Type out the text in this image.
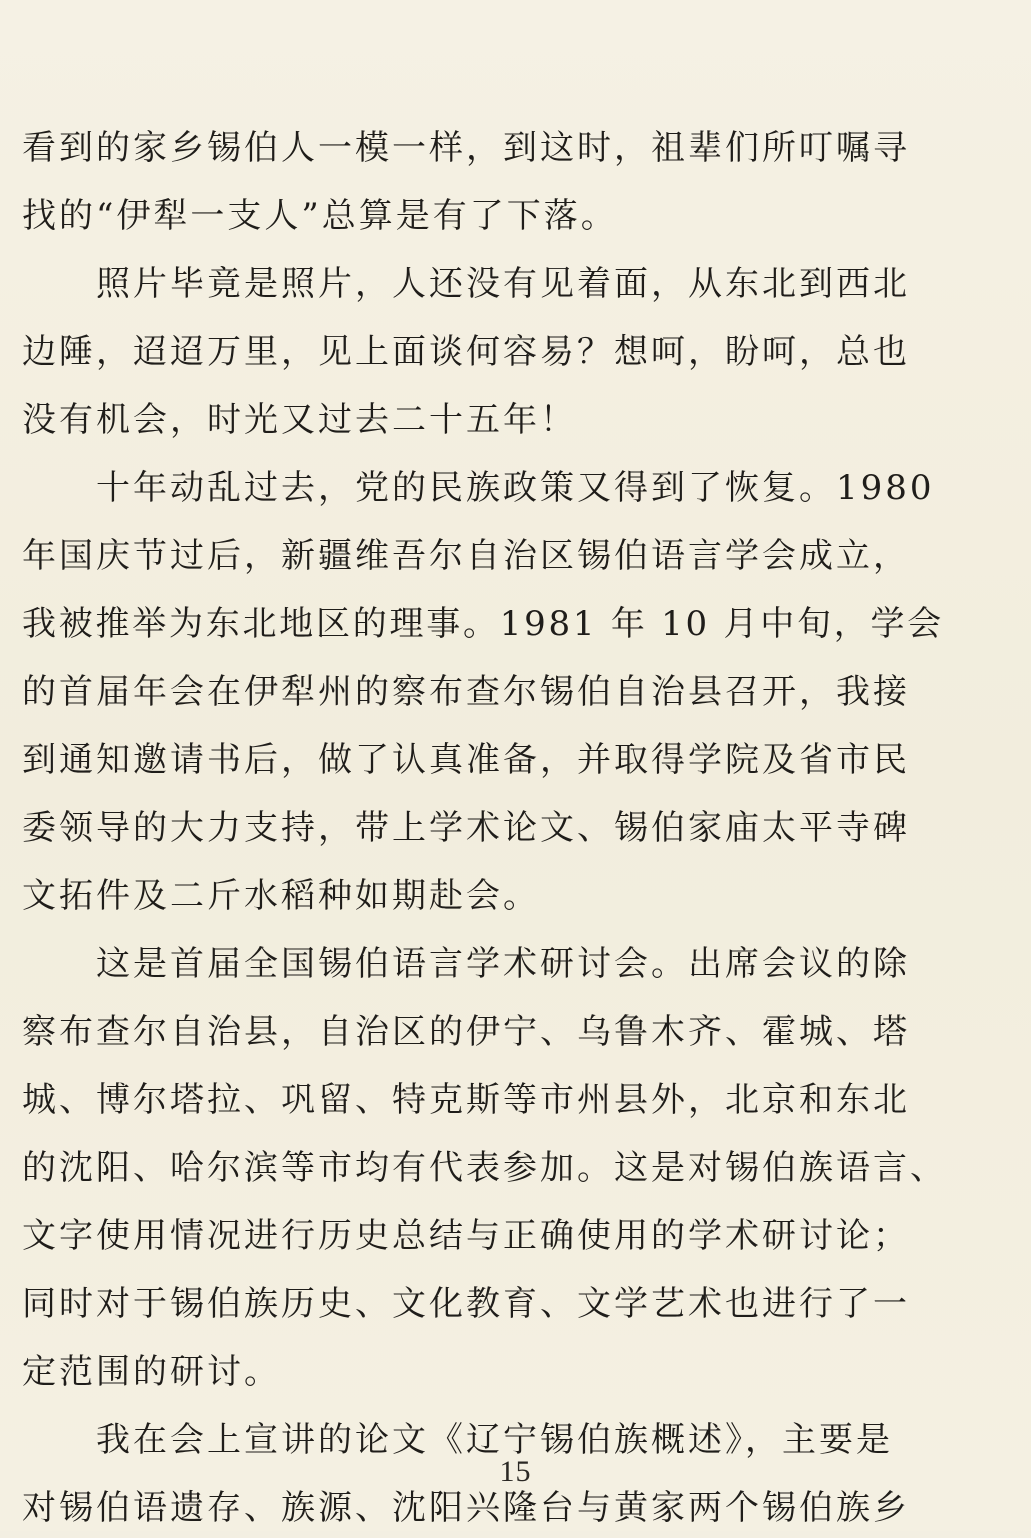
看到的家乡锡伯人一模一样，到这时，祖辈们所叮嘱寻
找的“伊犁一支人”总算是有了下落。
照片毕竟是照片，人还没有见着面，从东北到西北
边陲，迢迢万里，见上面谈何容易？想呵，盼呵，总也
没有机会，时光又过去二十五年！
十年动乱过去，党的民族政策又得到了恢复。1980
年国庆节过后，新疆维吾尔自治区锡伯语言学会成立，
我被推举为东北地区的理事。1981 年 10 月中旬，学会
的首届年会在伊犁州的察布查尔锡伯自治县召开，我接
到通知邀请书后，做了认真准备，并取得学院及省市民
委领导的大力支持，带上学术论文、锡伯家庙太平寺碑
文拓件及二斤水稻种如期赴会。
这是首届全国锡伯语言学术研讨会。出席会议的除
察布查尔自治县，自治区的伊宁、乌鲁木齐、霍城、塔
城、博尔塔拉、巩留、特克斯等市州县外，北京和东北
的沈阳、哈尔滨等市均有代表参加。这是对锡伯族语言、
文字使用情况进行历史总结与正确使用的学术研讨论；
同时对于锡伯族历史、文化教育、文学艺术也进行了一
定范围的研讨。
我在会上宣讲的论文《辽宁锡伯族概述》，主要是
对锡伯语遗存、族源、沈阳兴隆台与黄家两个锡伯族乡
15
